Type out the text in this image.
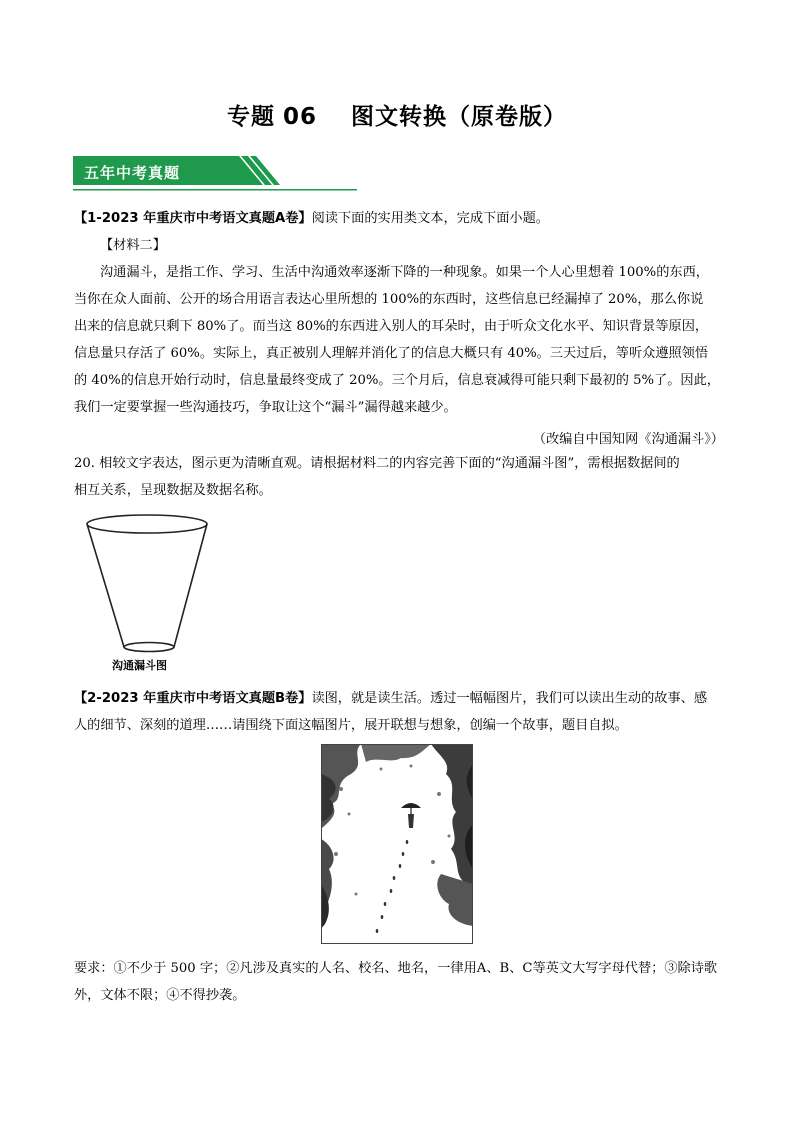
专题 06 图文转换（原卷版）
五年中考真题
【1-2023 年重庆市中考语文真题A卷】阅读下面的实用类文本，完成下面小题。
【材料二】
沟通漏斗，是指工作、学习、生活中沟通效率逐渐下降的一种现象。如果一个人心里想着 100%的东西，
当你在众人面前、公开的场合用语言表达心里所想的 100%的东西时，这些信息已经漏掉了 20%，那么你说
出来的信息就只剩下 80%了。而当这 80%的东西进入别人的耳朵时，由于听众文化水平、知识背景等原因，
信息量只存活了 60%。实际上，真正被别人理解并消化了的信息大概只有 40%。三天过后，等听众遵照领悟
的 40%的信息开始行动时，信息量最终变成了 20%。三个月后，信息衰减得可能只剩下最初的 5%了。因此，
我们一定要掌握一些沟通技巧，争取让这个“漏斗”漏得越来越少。
（改编自中国知网《沟通漏斗》）
20. 相较文字表达，图示更为清晰直观。请根据材料二的内容完善下面的“沟通漏斗图”，需根据数据间的
相互关系，呈现数据及数据名称。
沟通漏斗图
【2-2023 年重庆市中考语文真题B卷】读图，就是读生活。透过一幅幅图片，我们可以读出生动的故事、感
人的细节、深刻的道理……请围绕下面这幅图片，展开联想与想象，创编一个故事，题目自拟。
要求：①不少于 500 字；②凡涉及真实的人名、校名、地名，一律用A、B、C等英文大写字母代替；③除诗歌
外，文体不限；④不得抄袭。
